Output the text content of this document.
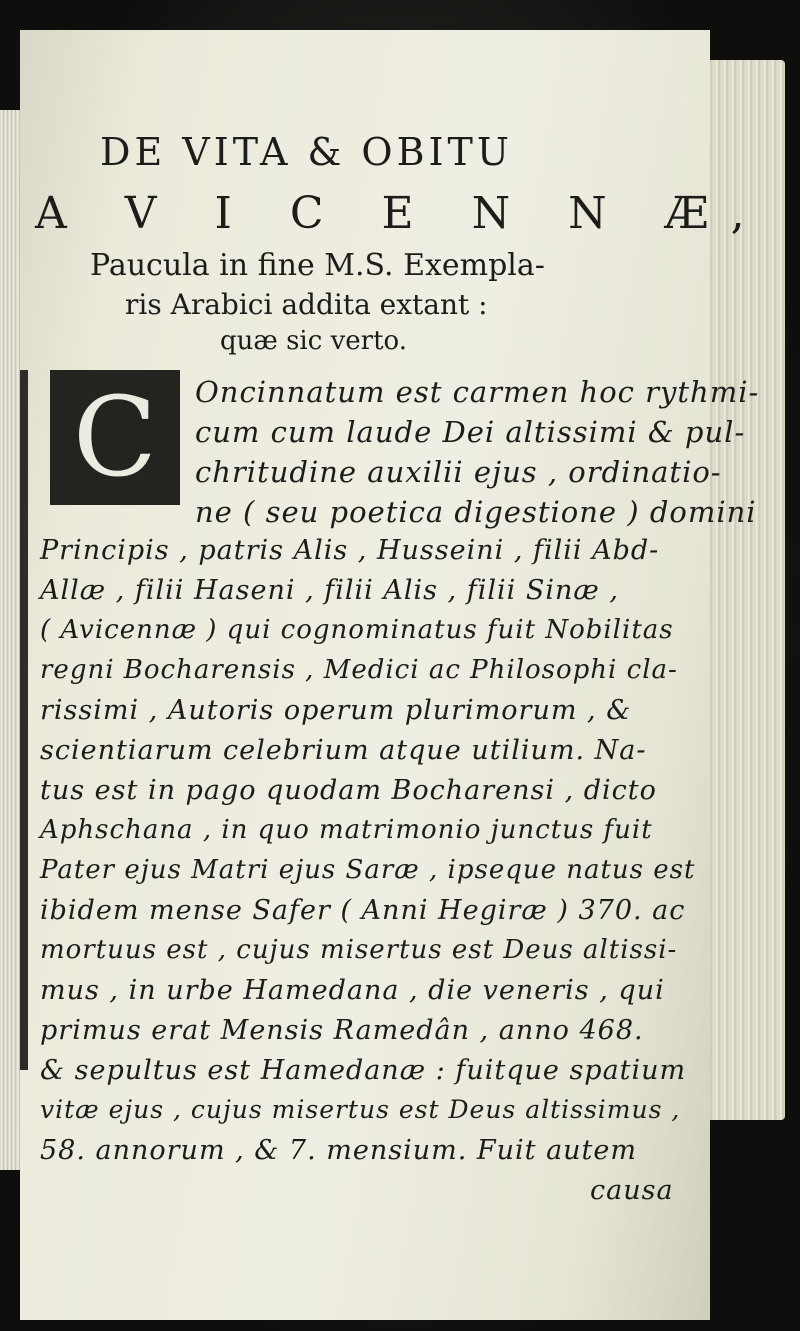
DE VITA & OBITU
A V I C E N N Æ,
Paucula in fine M.S. Exempla-
ris Arabici addita extant :
quæ sic verto.
C	Oncinnatum est carmen hoc rythmi-
cum cum laude Dei altissimi & pul-
chritudine auxilii ejus , ordinatio-
ne ( seu poetica digestione ) domini
Principis , patris Alis , Husseini , filii Abd-
Allæ , filii Haseni , filii Alis , filii Sinæ ,
( Avicennæ ) qui cognominatus fuit Nobilitas
regni Bocharensis , Medici ac Philosophi cla-
rissimi , Autoris operum plurimorum , &
scientiarum celebrium atque utilium. Na-
tus est in pago quodam Bocharensi , dicto
Aphschana , in quo matrimonio junctus fuit
Pater ejus Matri ejus Saræ , ipseque natus est
ibidem mense Safer ( Anni Hegiræ ) 370. ac
mortuus est , cujus misertus est Deus altissi-
mus , in urbe Hamedana , die veneris , qui
primus erat Mensis Ramedân , anno 468.
& sepultus est Hamedanæ : fuitque spatium
vitæ ejus , cujus misertus est Deus altissimus ,
58. annorum , & 7. mensium. Fuit autem
causa
